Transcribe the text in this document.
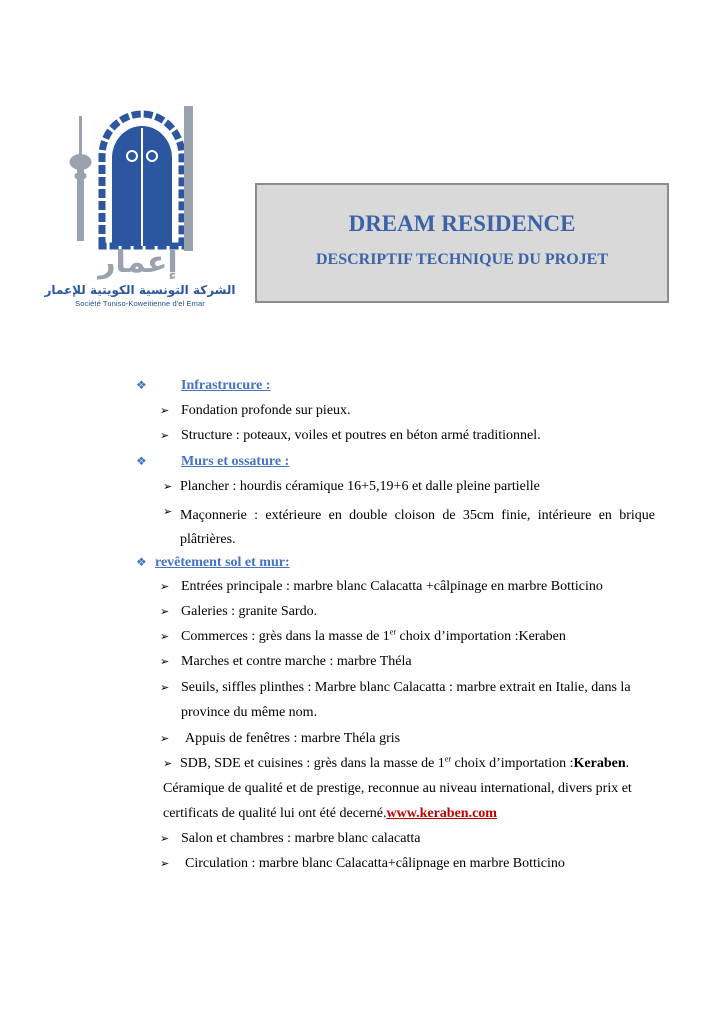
إعمار
الشركة التونسية الكويتية للإعمار
Société Tuniso-Koweitienne d'el Emar
DREAM RESIDENCE
DESCRIPTIF TECHNIQUE DU PROJET
❖ Infrastrucure :
➢ Fondation profonde sur pieux.
➢ Structure : poteaux, voiles et poutres en béton armé traditionnel.
❖ Murs et ossature :
➢ Plancher : hourdis céramique 16+5,19+6 et dalle pleine partielle
➢ Maçonnerie : extérieure en double cloison de 35cm finie, intérieure en brique plâtrières.
❖ revêtement sol et mur:
➢ Entrées principale : marbre blanc Calacatta +câlpinage en marbre Botticino
➢ Galeries : granite Sardo.
➢ Commerces : grès dans la masse de 1er choix d’importation :Keraben
➢ Marches et contre marche : marbre Théla
➢ Seuils, siffles plinthes : Marbre blanc Calacatta : marbre extrait en Italie, dans la
province du même nom.
➢ Appuis de fenêtres : marbre Théla gris
➢ SDB, SDE et cuisines : grès dans la masse de 1er choix d’importation :Keraben.
Céramique de qualité et de prestige, reconnue au niveau international, divers prix et
certificats de qualité lui ont été decerné.www.keraben.com
➢ Salon et chambres : marbre blanc calacatta
➢ Circulation : marbre blanc Calacatta+câlipnage en marbre Botticino
